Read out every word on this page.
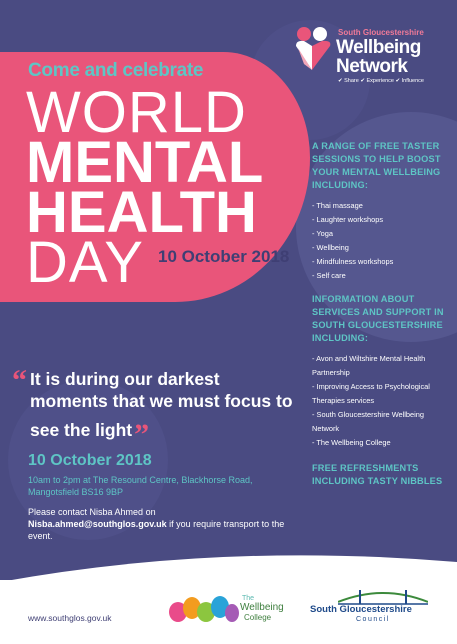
South Gloucestershire
Wellbeing
Network
✔ Share ✔ Experience ✔ Influence
Come and celebrate
WORLD
MENTAL
HEALTH
DAY 10 October 2018
A RANGE OF FREE TASTER SESSIONS TO HELP BOOST YOUR MENTAL WELLBEING INCLUDING:
- Thai massage
- Laughter workshops
- Yoga
- Wellbeing
- Mindfulness workshops
- Self care
INFORMATION ABOUT SERVICES AND SUPPORT IN SOUTH GLOUCESTERSHIRE INCLUDING:
- Avon and Wiltshire Mental Health Partnership
- Improving Access to Psychological Therapies services
- South Gloucestershire Wellbeing Network
- The Wellbeing College
FREE REFRESHMENTS INCLUDING TASTY NIBBLES
“ It is during our darkest moments that we must focus to see the light”
10 October 2018
10am to 2pm at The Resound Centre, Blackhorse Road, Mangotsfield BS16 9BP
Please contact Nisba Ahmed on
Nisba.ahmed@southglos.gov.uk if you require transport to the event.
www.southglos.gov.uk
The
Wellbeing
College
South Gloucestershire
Council
